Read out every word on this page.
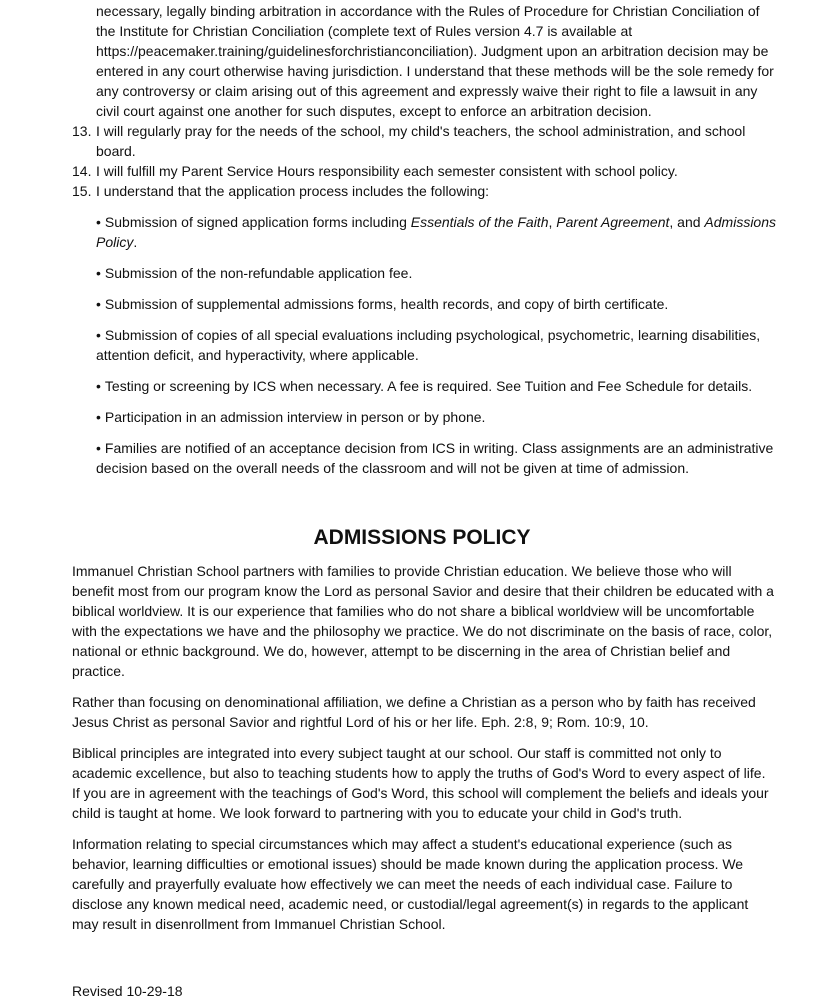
necessary, legally binding arbitration in accordance with the Rules of Procedure for Christian Conciliation of the Institute for Christian Conciliation (complete text of Rules version 4.7 is available at https://peacemaker.training/guidelinesforchristianconciliation). Judgment upon an arbitration decision may be entered in any court otherwise having jurisdiction. I understand that these methods will be the sole remedy for any controversy or claim arising out of this agreement and expressly waive their right to file a lawsuit in any civil court against one another for such disputes, except to enforce an arbitration decision.

13. I will regularly pray for the needs of the school, my child's teachers, the school administration, and school board.
14. I will fulfill my Parent Service Hours responsibility each semester consistent with school policy.
15. I understand that the application process includes the following:

• Submission of signed application forms including Essentials of the Faith, Parent Agreement, and Admissions Policy.

• Submission of the non-refundable application fee.

• Submission of supplemental admissions forms, health records, and copy of birth certificate.

• Submission of copies of all special evaluations including psychological, psychometric, learning disabilities, attention deficit, and hyperactivity, where applicable.

• Testing or screening by ICS when necessary. A fee is required. See Tuition and Fee Schedule for details.

• Participation in an admission interview in person or by phone.

• Families are notified of an acceptance decision from ICS in writing. Class assignments are an administrative decision based on the overall needs of the classroom and will not be given at time of admission.

ADMISSIONS POLICY

Immanuel Christian School partners with families to provide Christian education. We believe those who will benefit most from our program know the Lord as personal Savior and desire that their children be educated with a biblical worldview. It is our experience that families who do not share a biblical worldview will be uncomfortable with the expectations we have and the philosophy we practice. We do not discriminate on the basis of race, color, national or ethnic background. We do, however, attempt to be discerning in the area of Christian belief and practice.

Rather than focusing on denominational affiliation, we define a Christian as a person who by faith has received Jesus Christ as personal Savior and rightful Lord of his or her life. Eph. 2:8, 9; Rom. 10:9, 10.

Biblical principles are integrated into every subject taught at our school. Our staff is committed not only to academic excellence, but also to teaching students how to apply the truths of God's Word to every aspect of life. If you are in agreement with the teachings of God's Word, this school will complement the beliefs and ideals your child is taught at home. We look forward to partnering with you to educate your child in God's truth.

Information relating to special circumstances which may affect a student's educational experience (such as behavior, learning difficulties or emotional issues) should be made known during the application process. We carefully and prayerfully evaluate how effectively we can meet the needs of each individual case. Failure to disclose any known medical need, academic need, or custodial/legal agreement(s) in regards to the applicant may result in disenrollment from Immanuel Christian School.

Revised 10-29-18
